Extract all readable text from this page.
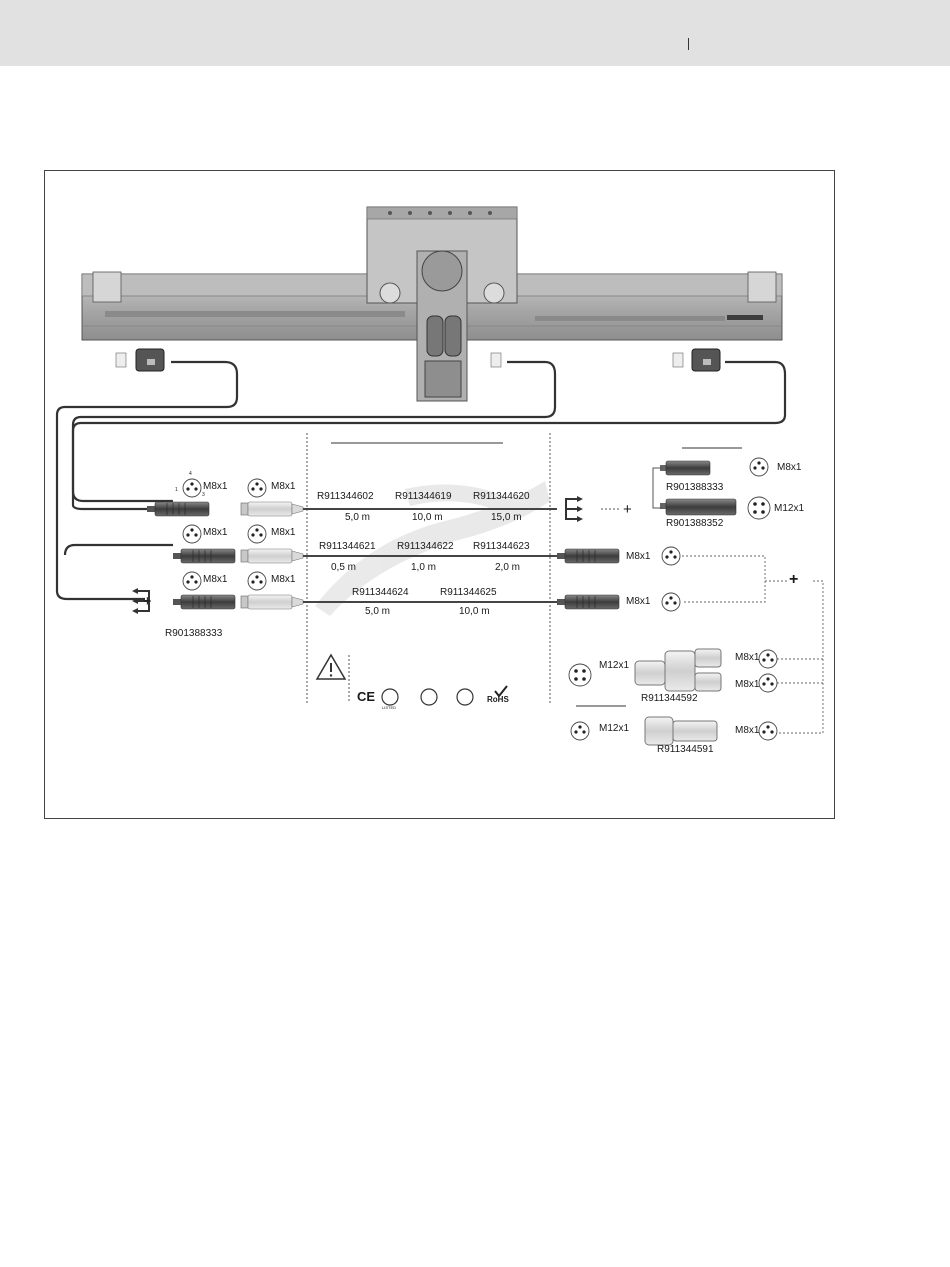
M8x1	M8x1
M8x1	M8x1
M8x1	M8x1
+
R901388333
R911344602 R911344619 R911344620
5,0 m	10,0 m	15,0 m
R911344621 R911344622 R911344623
0,5 m	1,0 m	2,0 m
R911344624	R911344625
5,0 m	10,0 m
+
M8x1
M12x1
R901388333
R901388352
M8x1
M8x1
+
M12x1
M8x1
M8x1
R911344592
M12x1	M8x1
R911344591
CE
LISTED
RoHS
1
4
3
